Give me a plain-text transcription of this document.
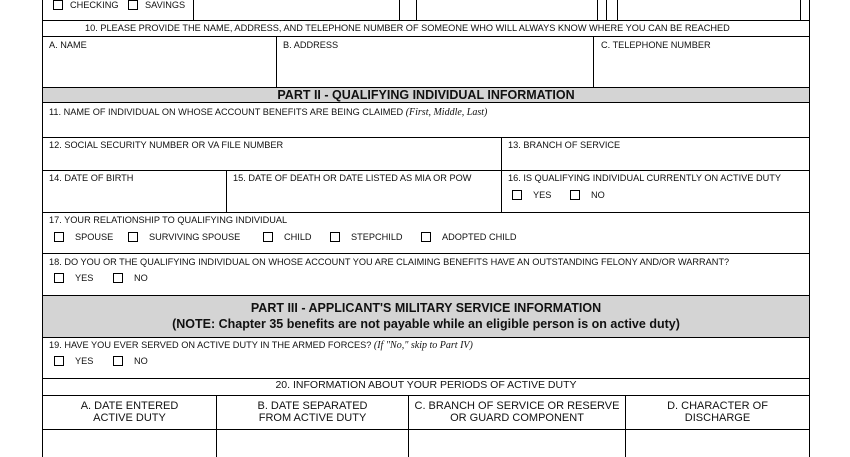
CHECKING	SAVINGS
10. PLEASE PROVIDE THE NAME, ADDRESS, AND TELEPHONE NUMBER OF SOMEONE WHO WILL ALWAYS KNOW WHERE YOU CAN BE REACHED
A. NAME	B. ADDRESS	C. TELEPHONE NUMBER
PART II - QUALIFYING INDIVIDUAL INFORMATION
11. NAME OF INDIVIDUAL ON WHOSE ACCOUNT BENEFITS ARE BEING CLAIMED (First, Middle, Last)
12. SOCIAL SECURITY NUMBER OR VA FILE NUMBER	13. BRANCH OF SERVICE
14. DATE OF BIRTH	15. DATE OF DEATH OR DATE LISTED AS MIA OR POW	16. IS QUALIFYING INDIVIDUAL CURRENTLY ON ACTIVE DUTY
YES	NO
17. YOUR RELATIONSHIP TO QUALIFYING INDIVIDUAL
SPOUSE	SURVIVING SPOUSE	CHILD	STEPCHILD	ADOPTED CHILD
18. DO YOU OR THE QUALIFYING INDIVIDUAL ON WHOSE ACCOUNT YOU ARE CLAIMING BENEFITS HAVE AN OUTSTANDING FELONY AND/OR WARRANT?
YES	NO
PART III - APPLICANT'S MILITARY SERVICE INFORMATION
(NOTE: Chapter 35 benefits are not payable while an eligible person is on active duty)
19. HAVE YOU EVER SERVED ON ACTIVE DUTY IN THE ARMED FORCES? (If "No," skip to Part IV)
YES	NO
20. INFORMATION ABOUT YOUR PERIODS OF ACTIVE DUTY
A. DATE ENTERED
ACTIVE DUTY
B. DATE SEPARATED
FROM ACTIVE DUTY
C. BRANCH OF SERVICE OR RESERVE
OR GUARD COMPONENT
D. CHARACTER OF
DISCHARGE
